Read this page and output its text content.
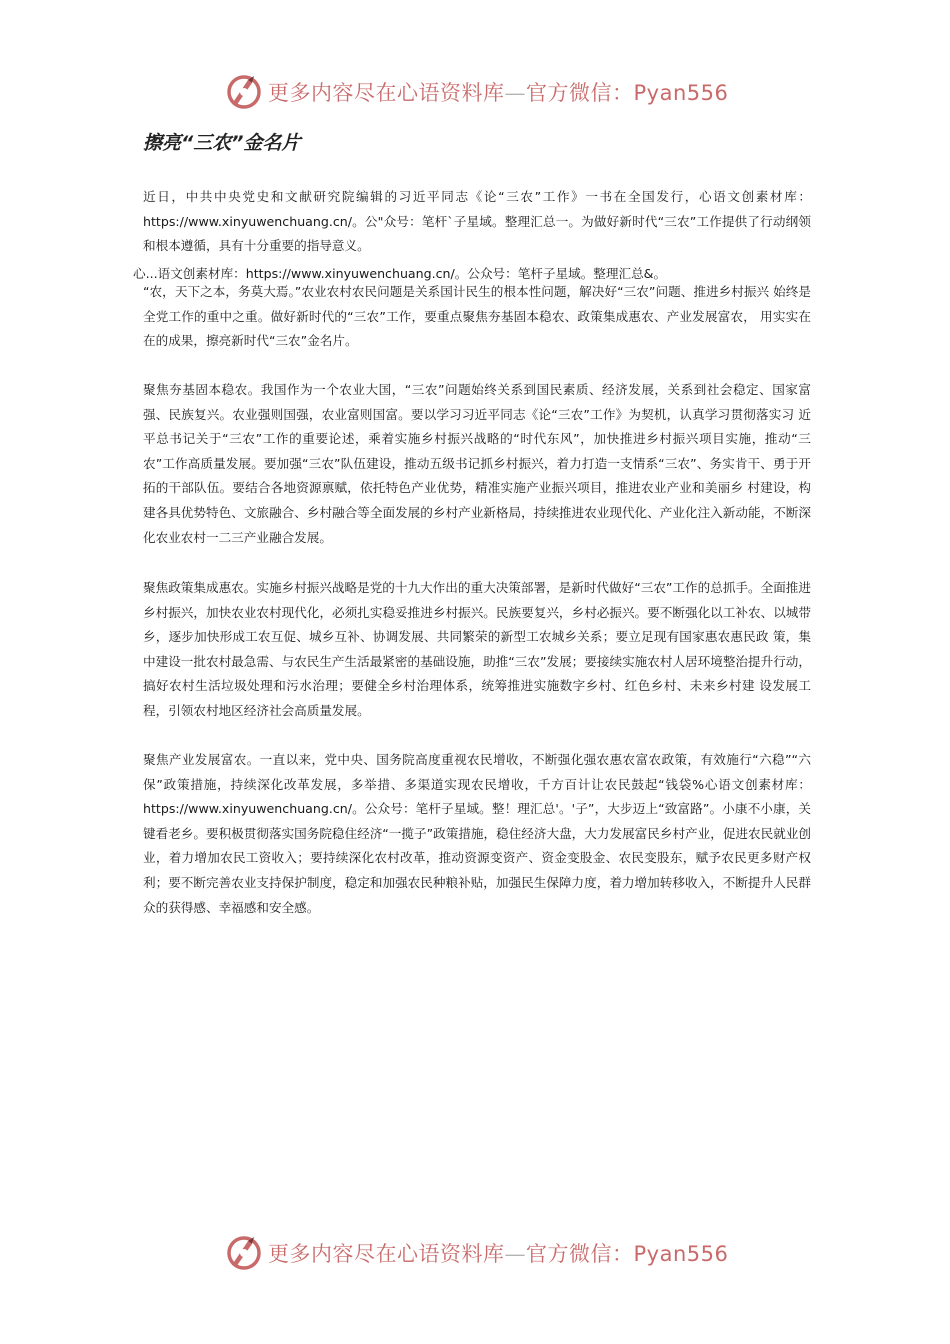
更多内容尽在心语资料库—官方微信：Pyan556
擦亮“三农”金名片
近日，中共中央党史和文献研究院编辑的习近平同志《论“三农”工作》一书在全国发行，心语文创素材库：https://www.xinyuwenchuang.cn/。公"众号：笔杆`子星域。整理汇总一。为做好新时代“三农”工作提供了行动纲领和根本遵循，具有十分重要的指导意义。
心...语文创素材库：https://www.xinyuwenchuang.cn/。公众号：笔杆子星域。整理汇总&。
“农，天下之本，务莫大焉。”农业农村农民问题是关系国计民生的根本性问题，解决好“三农”问题、推进乡村振兴 始终是全党工作的重中之重。做好新时代的“三农”工作，要重点聚焦夯基固本稳农、政策集成惠农、产业发展富农， 用实实在在的成果，擦亮新时代“三农”金名片。
聚焦夯基固本稳农。我国作为一个农业大国，“三农”问题始终关系到国民素质、经济发展，关系到社会稳定、国家富 强、民族复兴。农业强则国强，农业富则国富。要以学习习近平同志《论“三农”工作》为契机，认真学习贯彻落实习 近平总书记关于“三农”工作的重要论述，乘着实施乡村振兴战略的“时代东风”，加快推进乡村振兴项目实施，推动“三农”工作高质量发展。要加强“三农”队伍建设，推动五级书记抓乡村振兴，着力打造一支情系“三农”、务实肯干、勇于开拓的干部队伍。要结合各地资源禀赋，依托特色产业优势，精准实施产业振兴项目，推进农业产业和美丽乡 村建设，构建各具优势特色、文旅融合、乡村融合等全面发展的乡村产业新格局，持续推进农业现代化、产业化注入新动能，不断深化农业农村一二三产业融合发展。
聚焦政策集成惠农。实施乡村振兴战略是党的十九大作出的重大决策部署，是新时代做好“三农”工作的总抓手。全面推进乡村振兴，加快农业农村现代化，必须扎实稳妥推进乡村振兴。民族要复兴，乡村必振兴。要不断强化以工补农、以城带乡，逐步加快形成工农互促、城乡互补、协调发展、共同繁荣的新型工农城乡关系；要立足现有国家惠农惠民政 策，集中建设一批农村最急需、与农民生产生活最紧密的基础设施，助推“三农”发展；要接续实施农村人居环境整治提升行动，搞好农村生活垃圾处理和污水治理；要健全乡村治理体系，统筹推进实施数字乡村、红色乡村、未来乡村建 设发展工程，引领农村地区经济社会高质量发展。
聚焦产业发展富农。一直以来，党中央、国务院高度重视农民增收，不断强化强农惠农富农政策，有效施行“六稳”“六保”政策措施，持续深化改革发展，多举措、多渠道实现农民增收，千方百计让农民鼓起“钱袋%心语文创素材库：https://www.xinyuwenchuang.cn/。公众号：笔杆子星域。整！理汇总'。'子”，大步迈上“致富路”。小康不小康，关键看老乡。要积极贯彻落实国务院稳住经济“一揽子”政策措施，稳住经济大盘，大力发展富民乡村产业，促进农民就业创业，着力增加农民工资收入；要持续深化农村改革，推动资源变资产、资金变股金、农民变股东，赋予农民更多财产权利；要不断完善农业支持保护制度，稳定和加强农民种粮补贴，加强民生保障力度，着力增加转移收入，不断提升人民群众的获得感、幸福感和安全感。
更多内容尽在心语资料库—官方微信：Pyan556
